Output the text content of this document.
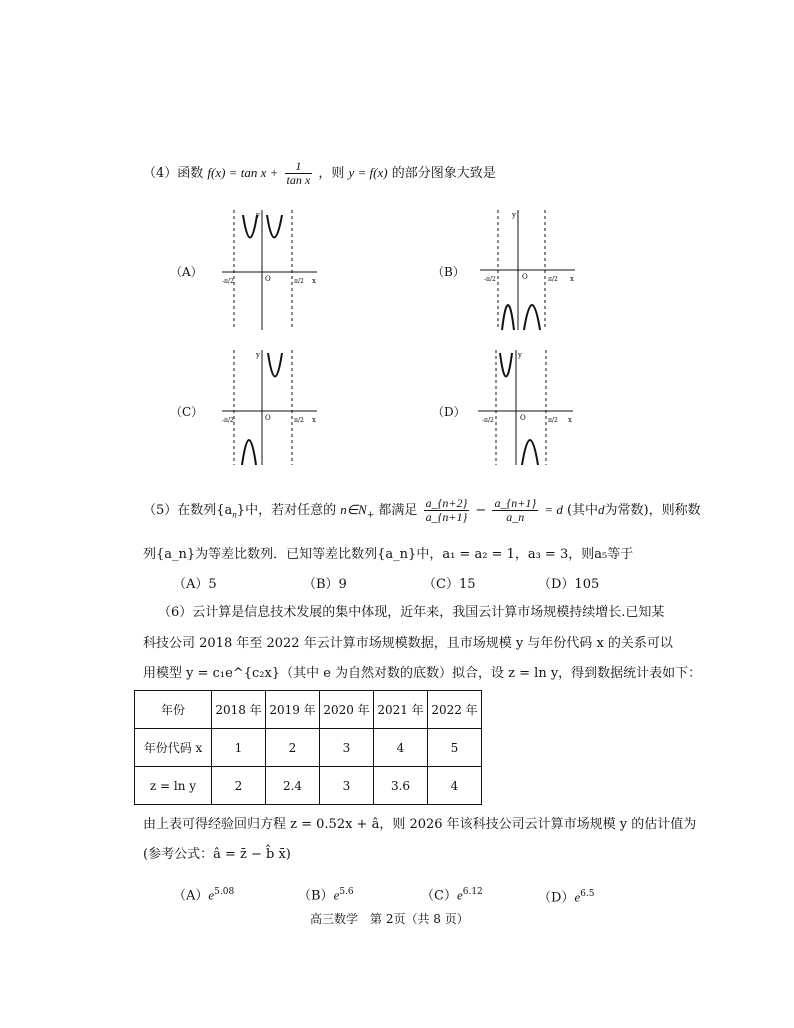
（4）函数 $f(x) = \tan x + \frac{1}{\text{tan x}}$ ，则 y = f(x) 的部分图象大致是
（A）	（B）
（C）	（D）
O
y
x
-π/2	π/2
O
y
x
-π/2	π/2
O
y
x
-π/2	π/2	O
y
x
-π/2	π/2
（5）在数列$\{a_n\}$中，若对任意的 $n\in N_+$ 都满足 $\frac{a\_\{n+2\}}{a\_\{n+1\}} - \frac{a\_\{n+1\}}{a\_n} = d$ (其中d为常数)，则称数
列{a_n}为等差比数列．已知等差比数列{a_n}中，a₁ = a₂ = 1，a₃ = 3，则a₅等于
（A）5	（B）9	（C）15	（D）105
（6）云计算是信息技术发展的集中体现，近年来，我国云计算市场规模持续增长.已知某
科技公司 2018 年至 2022 年云计算市场规模数据，且市场规模 y 与年份代码 x 的关系可以
用模型 y = c₁e^{c₂x}（其中 e 为自然对数的底数）拟合，设 z = ln y，得到数据统计表如下：
年份	2018 年	2019 年	2020 年	2021 年	2022 年
年份代码 x	1	2	3	4	5
z = ln y	2	2.4	3	3.6	4
由上表可得经验回归方程 z = 0.52x + â，则 2026 年该科技公司云计算市场规模 y 的估计值为
(参考公式：â = z̄ − b̂ x̄)
$(A)e^{5.08}$	$(B)e^{5.6}$	$(C)e^{6.12}$	$(D)e^{6.5}$
高三数学　第 2页（共 8 页）
